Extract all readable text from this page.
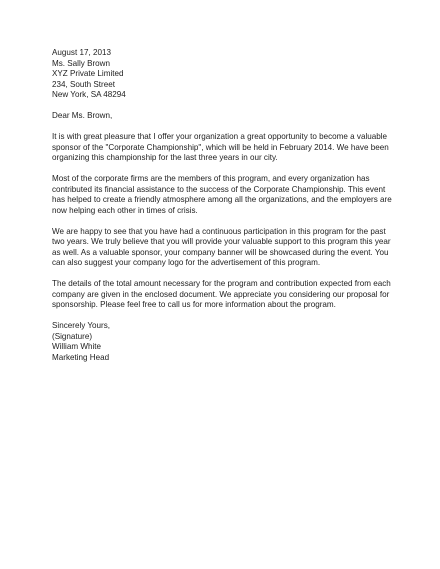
August 17, 2013
Ms. Sally Brown
XYZ Private Limited
234, South Street
New York, SA 48294
Dear Ms. Brown,
It is with great pleasure that I offer your organization a great opportunity to become a valuable
sponsor of the "Corporate Championship", which will be held in February 2014. We have been
organizing this championship for the last three years in our city.
Most of the corporate firms are the members of this program, and every organization has
contributed its financial assistance to the success of the Corporate Championship. This event
has helped to create a friendly atmosphere among all the organizations, and the employers are
now helping each other in times of crisis.
We are happy to see that you have had a continuous participation in this program for the past
two years. We truly believe that you will provide your valuable support to this program this year
as well. As a valuable sponsor, your company banner will be showcased during the event. You
can also suggest your company logo for the advertisement of this program.
The details of the total amount necessary for the program and contribution expected from each
company are given in the enclosed document. We appreciate you considering our proposal for
sponsorship. Please feel free to call us for more information about the program.
Sincerely Yours,
(Signature)
William White
Marketing Head
